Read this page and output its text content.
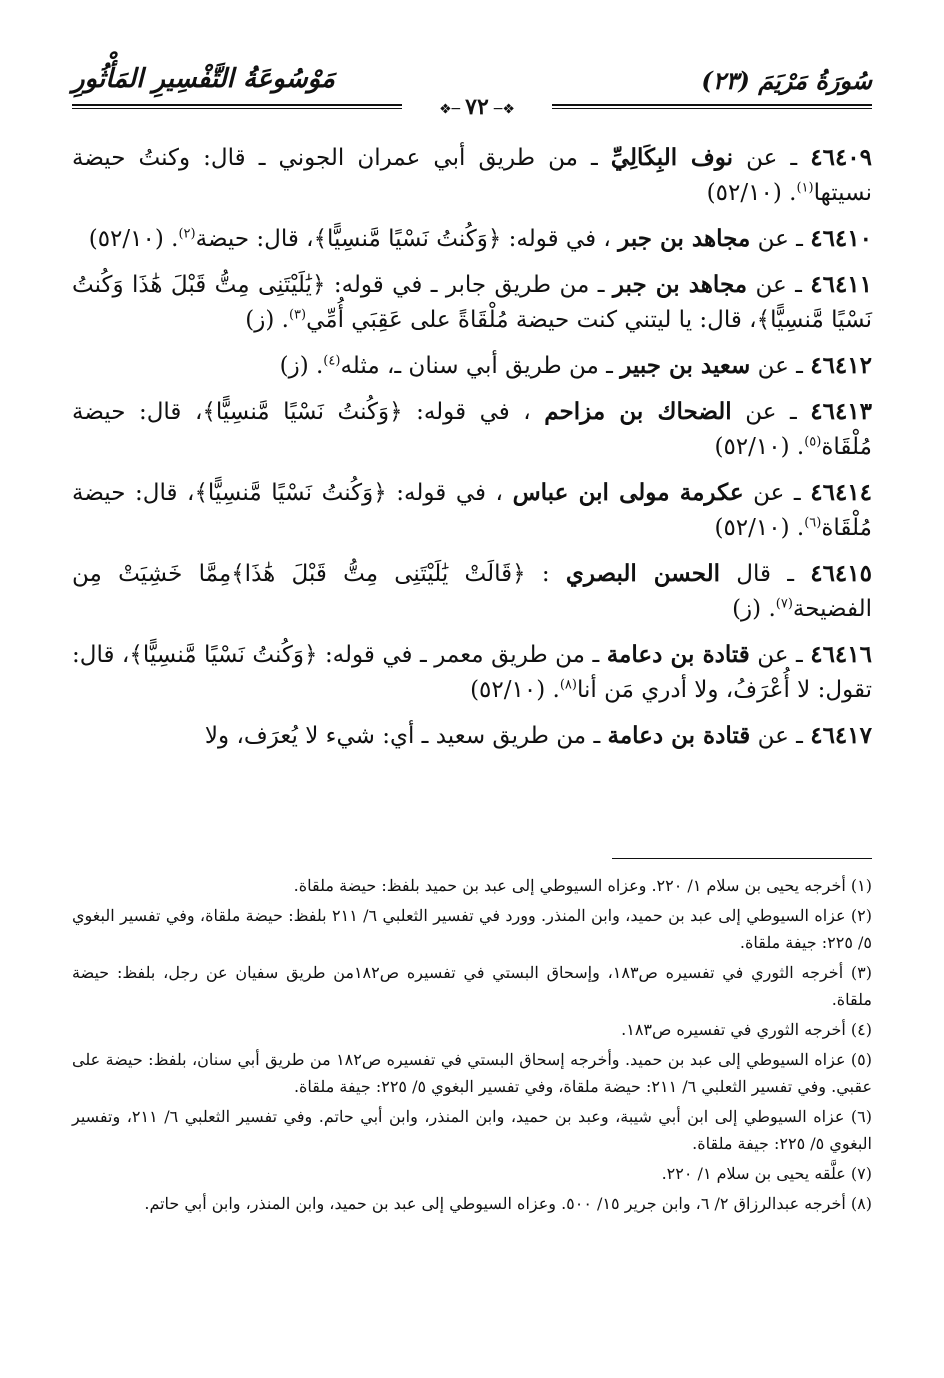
مَوْسُوعَةُ التَّفْسِيرِ المَأْثُورِ	سُورَةُ مَرْيَمَ (٢٣)
❖─ ٧٢ ─❖
٤٦٤٠٩ ـ عن نوف البِكَالِيِّ ـ من طريق أبي عمران الجوني ـ قال: وكنتُ حيضة نسيتها$^{(١)}$. (٥٢/١٠)
٤٦٤١٠ ـ عن مجاهد بن جبر ، في قوله: ﴿وَكُنتُ نَسْيًا مَّنسِيًّا﴾، قال: حيضة$^{(٢)}$. (٥٢/١٠)
٤٦٤١١ ـ عن مجاهد بن جبر ـ من طريق جابر ـ في قوله: ﴿يَٰلَيْتَنِى مِتُّ قَبْلَ هَٰذَا وَكُنتُ نَسْيًا مَّنسِيًّا﴾، قال: يا ليتني كنت حيضة مُلْقَاةً على عَقِبَي أُمِّي$^{(٣)}$. (ز)
٤٦٤١٢ ـ عن سعيد بن جبير ـ من طريق أبي سنان ـ، مثله$^{(٤)}$. (ز)
٤٦٤١٣ ـ عن الضحاك بن مزاحم ، في قوله: ﴿وَكُنتُ نَسْيًا مَّنسِيًّا﴾، قال: حيضة مُلْقَاة$^{(٥)}$. (٥٢/١٠)
٤٦٤١٤ ـ عن عكرمة مولى ابن عباس ، في قوله: ﴿وَكُنتُ نَسْيًا مَّنسِيًّا﴾، قال: حيضة مُلْقَاة$^{(٦)}$. (٥٢/١٠)
٤٦٤١٥ ـ قال الحسن البصري : ﴿قَالَتْ يَٰلَيْتَنِى مِتُّ قَبْلَ هَٰذَا﴾مِمَّا خَشِيَتْ مِن الفضيحة$^{(٧)}$. (ز)
٤٦٤١٦ ـ عن قتادة بن دعامة ـ من طريق معمر ـ في قوله: ﴿وَكُنتُ نَسْيًا مَّنسِيًّا﴾، قال: تقول: لا أُعْرَفُ، ولا أدري مَن أنا$^{(٨)}$. (٥٢/١٠)
٤٦٤١٧ ـ عن قتادة بن دعامة ـ من طريق سعيد ـ أي: شيء لا يُعرَف، ولا
(١) أخرجه يحيى بن سلام ١/ ٢٢٠. وعزاه السيوطي إلى عبد بن حميد بلفظ: حيضة ملقاة.
(٢) عزاه السيوطي إلى عبد بن حميد، وابن المنذر. وورد في تفسير الثعلبي ٦/ ٢١١ بلفظ: حيضة ملقاة، وفي تفسير البغوي ٥/ ٢٢٥: جيفة ملقاة.
(٣) أخرجه الثوري في تفسيره ص١٨٣، وإسحاق البستي في تفسيره ص١٨٢من طريق سفيان عن رجل، بلفظ: حيضة ملقاة.
(٤) أخرجه الثوري في تفسيره ص١٨٣.
(٥) عزاه السيوطي إلى عبد بن حميد. وأخرجه إسحاق البستي في تفسيره ص١٨٢ من طريق أبي سنان، بلفظ: حيضة على عقبي. وفي تفسير الثعلبي ٦/ ٢١١: حيضة ملقاة، وفي تفسير البغوي ٥/ ٢٢٥: جيفة ملقاة.
(٦) عزاه السيوطي إلى ابن أبي شيبة، وعبد بن حميد، وابن المنذر، وابن أبي حاتم. وفي تفسير الثعلبي ٦/ ٢١١، وتفسير البغوي ٥/ ٢٢٥: جيفة ملقاة.
(٧) علَّقه يحيى بن سلام ١/ ٢٢٠.
(٨) أخرجه عبدالرزاق ٢/ ٦، وابن جرير ١٥/ ٥٠٠. وعزاه السيوطي إلى عبد بن حميد، وابن المنذر، وابن أبي حاتم.
